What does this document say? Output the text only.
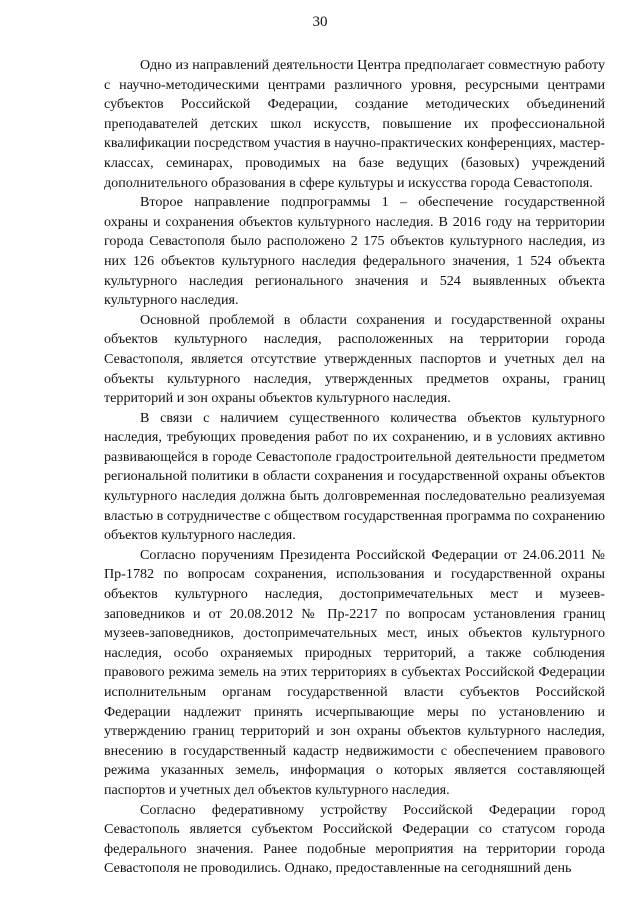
30

Одно из направлений деятельности Центра предполагает совместную работу с научно-методическими центрами различного уровня, ресурсными центрами субъектов Российской Федерации, создание методических объединений преподавателей детских школ искусств, повышение их профессиональной квалификации посредством участия в научно-практических конференциях, мастер-классах, семинарах, проводимых на базе ведущих (базовых) учреждений дополнительного образования в сфере культуры и искусства города Севастополя.

Второе направление подпрограммы 1 – обеспечение государственной охраны и сохранения объектов культурного наследия. В 2016 году на территории города Севастополя было расположено 2 175 объектов культурного наследия, из них 126 объектов культурного наследия федерального значения, 1 524 объекта культурного наследия регионального значения и 524 выявленных объекта культурного наследия.

Основной проблемой в области сохранения и государственной охраны объектов культурного наследия, расположенных на территории города Севастополя, является отсутствие утвержденных паспортов и учетных дел на объекты культурного наследия, утвержденных предметов охраны, границ территорий и зон охраны объектов культурного наследия.

В связи с наличием существенного количества объектов культурного наследия, требующих проведения работ по их сохранению, и в условиях активно развивающейся в городе Севастополе градостроительной деятельности предметом региональной политики в области сохранения и государственной охраны объектов культурного наследия должна быть долговременная последовательно реализуемая властью в сотрудничестве с обществом государственная программа по сохранению объектов культурного наследия.

Согласно поручениям Президента Российской Федерации от 24.06.2011 № Пр-1782 по вопросам сохранения, использования и государственной охраны объектов культурного наследия, достопримечательных мест и музеев-заповедников и от 20.08.2012 № Пр-2217 по вопросам установления границ музеев-заповедников, достопримечательных мест, иных объектов культурного наследия, особо охраняемых природных территорий, а также соблюдения правового режима земель на этих территориях в субъектах Российской Федерации исполнительным органам государственной власти субъектов Российской Федерации надлежит принять исчерпывающие меры по установлению и утверждению границ территорий и зон охраны объектов культурного наследия, внесению в государственный кадастр недвижимости с обеспечением правового режима указанных земель, информация о которых является составляющей паспортов и учетных дел объектов культурного наследия.

Согласно федеративному устройству Российской Федерации город Севастополь является субъектом Российской Федерации со статусом города федерального значения. Ранее подобные мероприятия на территории города Севастополя не проводились. Однако, предоставленные на сегодняшний день
